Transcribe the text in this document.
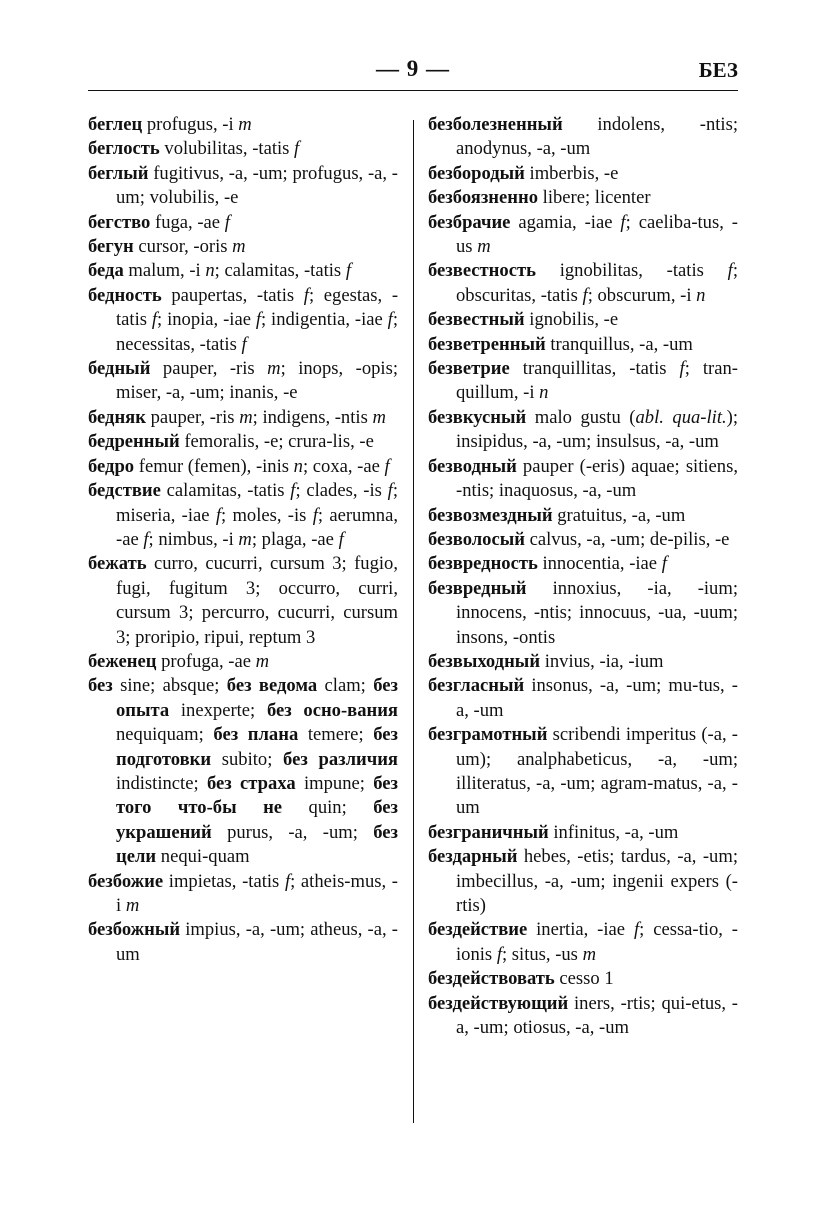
— 9 —	БЕЗ

беглец profugus, -i m

беглость volubilitas, -tatis f

беглый fugitivus, -a, -um; profugus, -a, -um; volubilis, -e

бегство fuga, -ae f

бегун cursor, -oris m

беда malum, -i n; calamitas, -tatis f

бедность paupertas, -tatis f; egestas, -tatis f; inopia, -iae f; indigentia, -iae f; necessitas, -tatis f

бедный pauper, -ris m; inops, -opis; miser, -a, -um; inanis, -e

бедняк pauper, -ris m; indigens, -ntis m

бедренный femoralis, -e; crura-lis, -e

бедро femur (femen), -inis n; coxa, -ae f

бедствие calamitas, -tatis f; clades, -is f; miseria, -iae f; moles, -is f; aerumna, -ae f; nimbus, -i m; plaga, -ae f

бежать curro, cucurri, cursum 3; fugio, fugi, fugitum 3; occurro, curri, cursum 3; percurro, cucurri, cursum 3; proripio, ripui, reptum 3

беженец profuga, -ae m

без sine; absque; без ведома clam; без опыта inexperte; без осно-вания nequiquam; без плана temere; без подготовки subito; без различия indistincte; без страха impune; без того что-бы не quin; без украшений purus, -a, -um; без цели nequi-quam

безбожие impietas, -tatis f; atheis-mus, -i m

безбожный impius, -a, -um; atheus, -a, -um

безболезненный indolens, -ntis; anodynus, -a, -um

безбородый imberbis, -e

безбоязненно libere; licenter

безбрачие agamia, -iae f; caeliba-tus, -us m

безвестность ignobilitas, -tatis f; obscuritas, -tatis f; obscurum, -i n

безвестный ignobilis, -e

безветренный tranquillus, -a, -um

безветрие tranquillitas, -tatis f; tran-quillum, -i n

безвкусный malo gustu (abl. qua-lit.); insipidus, -a, -um; insulsus, -a, -um

безводный pauper (-eris) aquae; sitiens, -ntis; inaquosus, -a, -um

безвозмездный gratuitus, -a, -um

безволосый calvus, -a, -um; de-pilis, -e

безвредность innocentia, -iae f

безвредный innoxius, -ia, -ium; innocens, -ntis; innocuus, -ua, -uum; insons, -ontis

безвыходный invius, -ia, -ium

безгласный insonus, -a, -um; mu-tus, -a, -um

безграмотный scribendi imperitus (-a, -um); analphabeticus, -a, -um; illiteratus, -a, -um; agram-matus, -a, -um

безграничный infinitus, -a, -um

бездарный hebes, -etis; tardus, -a, -um; imbecillus, -a, -um; ingenii expers (-rtis)

бездействие inertia, -iae f; cessa-tio, -ionis f; situs, -us m

бездействовать cesso 1

бездействующий iners, -rtis; qui-etus, -a, -um; otiosus, -a, -um
